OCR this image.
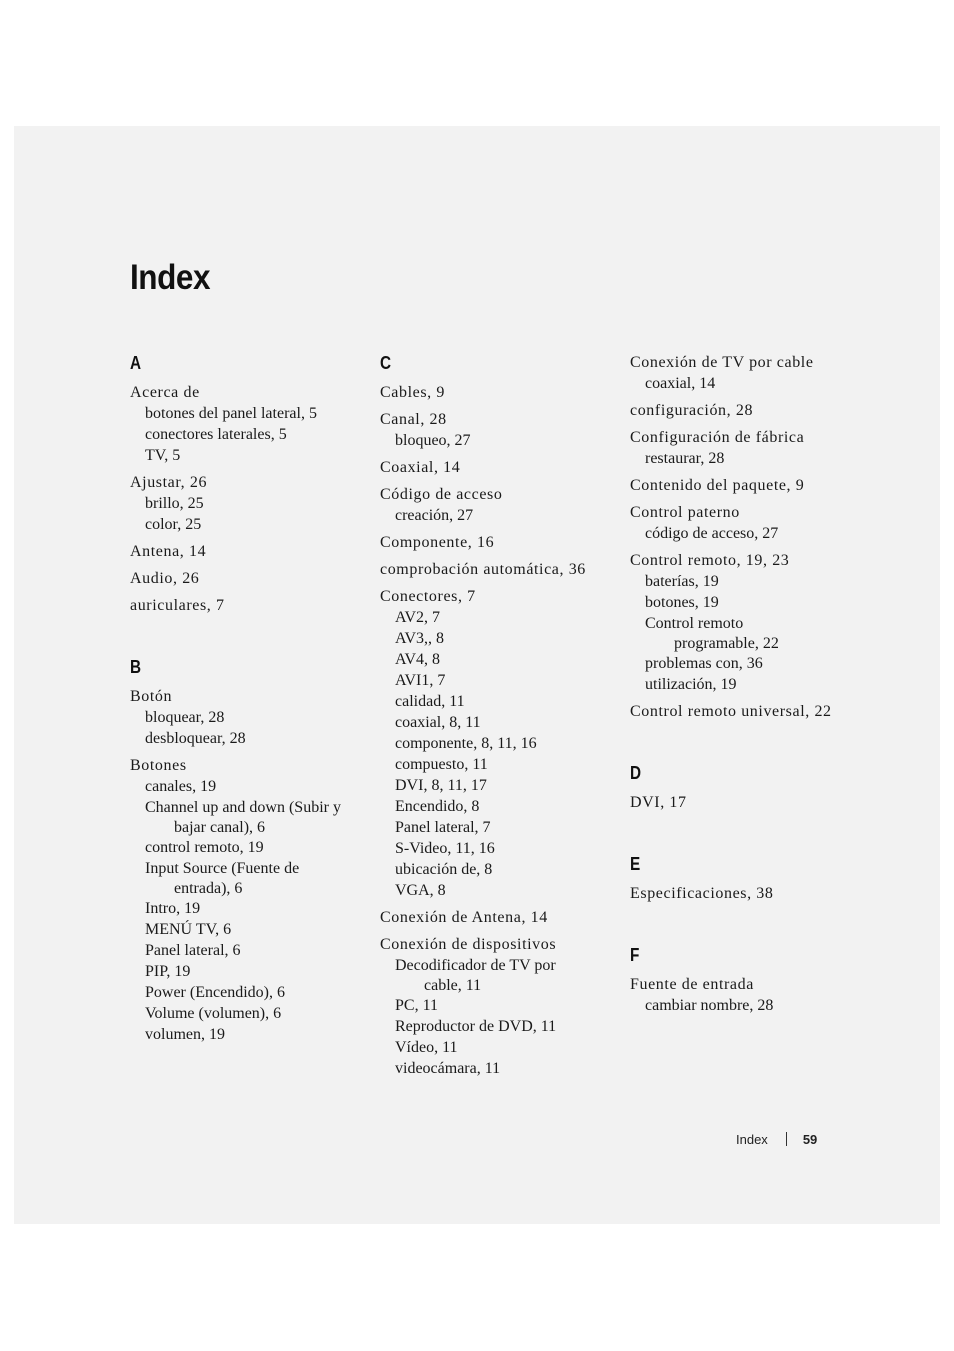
Index
A
Acerca de
botones del panel lateral, 5
conectores laterales, 5
TV, 5
Ajustar, 26
brillo, 25
color, 25
Antena, 14
Audio, 26
auriculares, 7
B
Botón
bloquear, 28
desbloquear, 28
Botones
canales, 19
Channel up and down (Subir y
bajar canal), 6
control remoto, 19
Input Source (Fuente de
entrada), 6
Intro, 19
MENÚ TV, 6
Panel lateral, 6
PIP, 19
Power (Encendido), 6
Volume (volumen), 6
volumen, 19
C
Cables, 9
Canal, 28
bloqueo, 27
Coaxial, 14
Código de acceso
creación, 27
Componente, 16
comprobación automática, 36
Conectores, 7
AV2, 7
AV3,, 8
AV4, 8
AVI1, 7
calidad, 11
coaxial, 8, 11
componente, 8, 11, 16
compuesto, 11
DVI, 8, 11, 17
Encendido, 8
Panel lateral, 7
S-Video, 11, 16
ubicación de, 8
VGA, 8
Conexión de Antena, 14
Conexión de dispositivos
Decodificador de TV por
cable, 11
PC, 11
Reproductor de DVD, 11
Vídeo, 11
videocámara, 11
Conexión de TV por cable
coaxial, 14
configuración, 28
Configuración de fábrica
restaurar, 28
Contenido del paquete, 9
Control paterno
código de acceso, 27
Control remoto, 19, 23
baterías, 19
botones, 19
Control remoto
programable, 22
problemas con, 36
utilización, 19
Control remoto universal, 22
D
DVI, 17
E
Especificaciones, 38
F
Fuente de entrada
cambiar nombre, 28
Index	59
